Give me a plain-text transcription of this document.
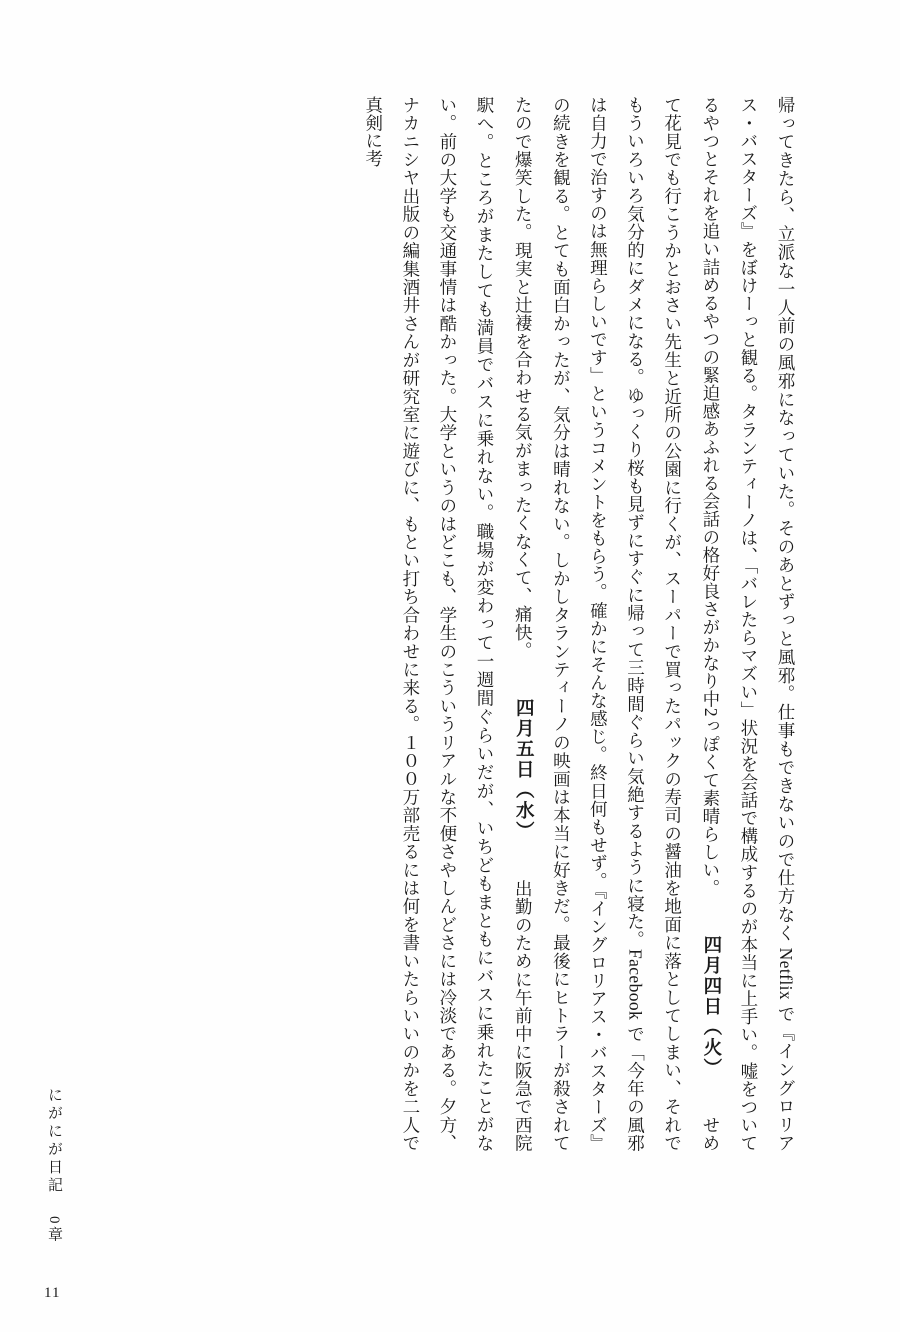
帰ってきたら、立派な一人前の風邪になっていた。そのあとずっと風邪。仕事もできないので仕方なく Netflix で『イングロリアス・バスターズ』をぼけーっと観る。タランティーノは、「バレたらマズい」状況を会話で構成するのが本当に上手い。嘘をついてるやつとそれを追い詰めるやつの緊迫感あふれる会話の格好良さがかなり中2っぽくて素晴らしい。  四月四日（火）  せめて花見でも行こうかとおさい先生と近所の公園に行くが、スーパーで買ったパックの寿司の醤油を地面に落としてしまい、それでもういろいろ気分的にダメになる。ゆっくり桜も見ずにすぐに帰って三時間ぐらい気絶するように寝た。Facebook で「今年の風邪は自力で治すのは無理らしいです」というコメントをもらう。確かにそんな感じ。終日何もせず。『イングロリアス・バスターズ』の続きを観る。とても面白かったが、気分は晴れない。しかしタランティーノの映画は本当に好きだ。最後にヒトラーが殺されてたので爆笑した。現実と辻褄を合わせる気がまったくなくて、痛快。  四月五日（水）  出勤のために午前中に阪急で西院駅へ。ところがまたしても満員でバスに乗れない。職場が変わって一週間ぐらいだが、いちどもまともにバスに乗れたことがない。前の大学も交通事情は酷かった。大学というのはどこも、学生のこういうリアルな不便さやしんどさには冷淡である。夕方、ナカニシヤ出版の編集酒井さんが研究室に遊びに、もとい打ち合わせに来る。１００万部売るには何を書いたらいいのかを二人で真剣に考
にがにが日記 0章
11
